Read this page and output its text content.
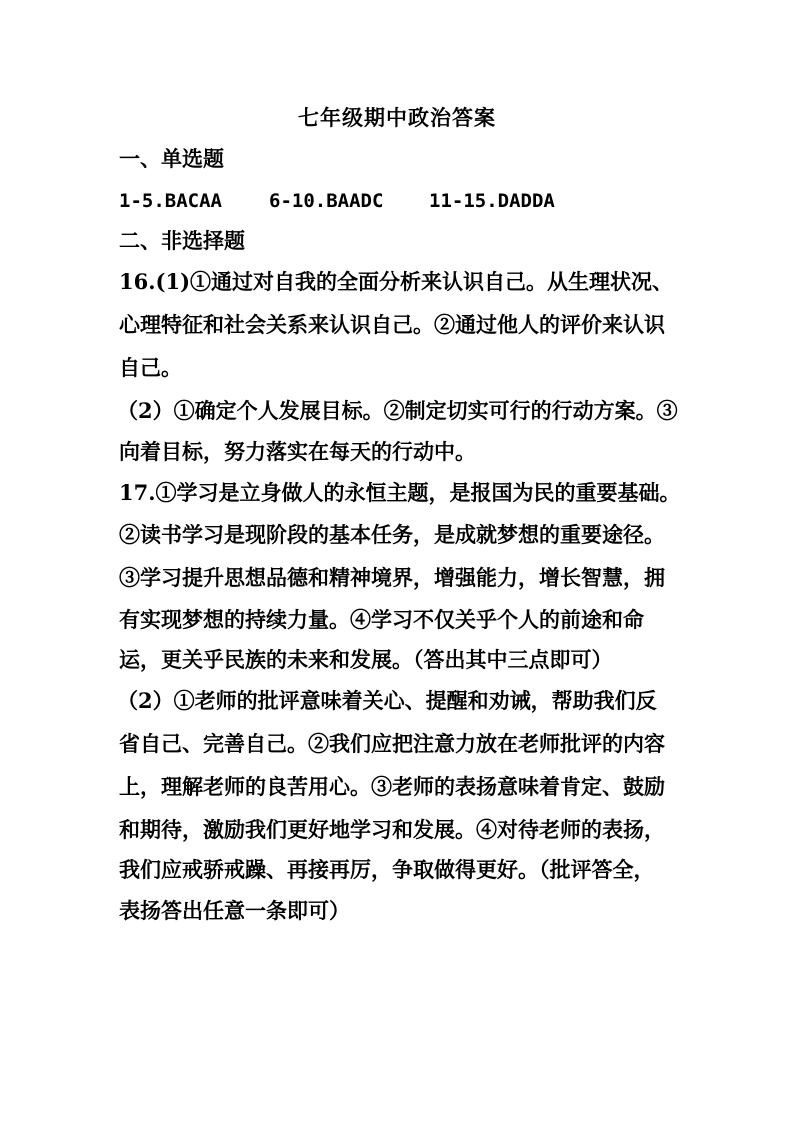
七年级期中政治答案
一、单选题
1-5.BACAA 6-10.BAADC 11-15.DADDA
二、非选择题
16.(1)①通过对自我的全面分析来认识自己。从生理状况、
心理特征和社会关系来认识自己。②通过他人的评价来认识
自己。
（2）①确定个人发展目标。②制定切实可行的行动方案。③
向着目标，努力落实在每天的行动中。
17.①学习是立身做人的永恒主题，是报国为民的重要基础。
②读书学习是现阶段的基本任务，是成就梦想的重要途径。
③学习提升思想品德和精神境界，增强能力，增长智慧，拥
有实现梦想的持续力量。④学习不仅关乎个人的前途和命
运，更关乎民族的未来和发展。（答出其中三点即可）
（2）①老师的批评意味着关心、提醒和劝诫，帮助我们反
省自己、完善自己。②我们应把注意力放在老师批评的内容
上，理解老师的良苦用心。③老师的表扬意味着肯定、鼓励
和期待，激励我们更好地学习和发展。④对待老师的表扬，
我们应戒骄戒躁、再接再厉，争取做得更好。（批评答全，
表扬答出任意一条即可）
